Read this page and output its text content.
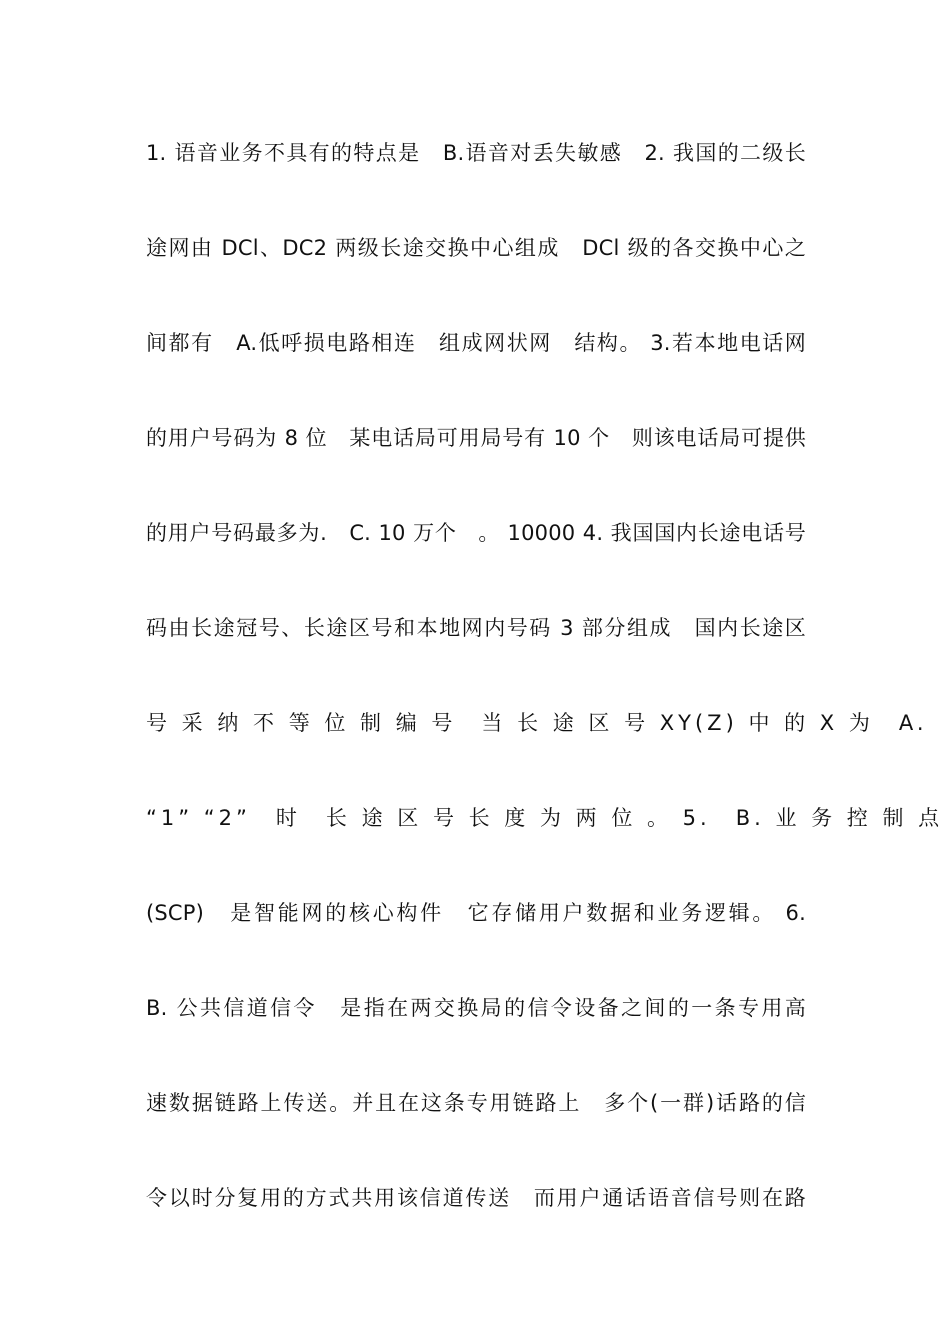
1. 语音业务不具有的特点是　B.语音对丢失敏感　2. 我国的二级长
途网由 DCl、DC2 两级长途交换中心组成　DCl 级的各交换中心之
间都有　A.低呼损电路相连　组成网状网　结构。 3.若本地电话网
的用户号码为 8 位　某电话局可用局号有 10 个　则该电话局可提供
的用户号码最多为.　C. 10 万个　。 10000 4. 我国国内长途电话号
码由长途冠号、长途区号和本地网内号码 3 部分组成　国内长途区
号 采 纳 不 等 位 制 编 号　当 长 途 区 号 XY(Z) 中 的 X 为　A.
“1” “2”　时　长 途 区 号 长 度 为 两 位 。 5.　B. 业 务 控 制 点
(SCP)　是智能网的核心构件　它存储用户数据和业务逻辑。 6.
B. 公共信道信令　是指在两交换局的信令设备之间的一条专用高
速数据链路上传送。并且在这条专用链路上　多个(一群)话路的信
令以时分复用的方式共用该信道传送　而用户通话语音信号则在路
